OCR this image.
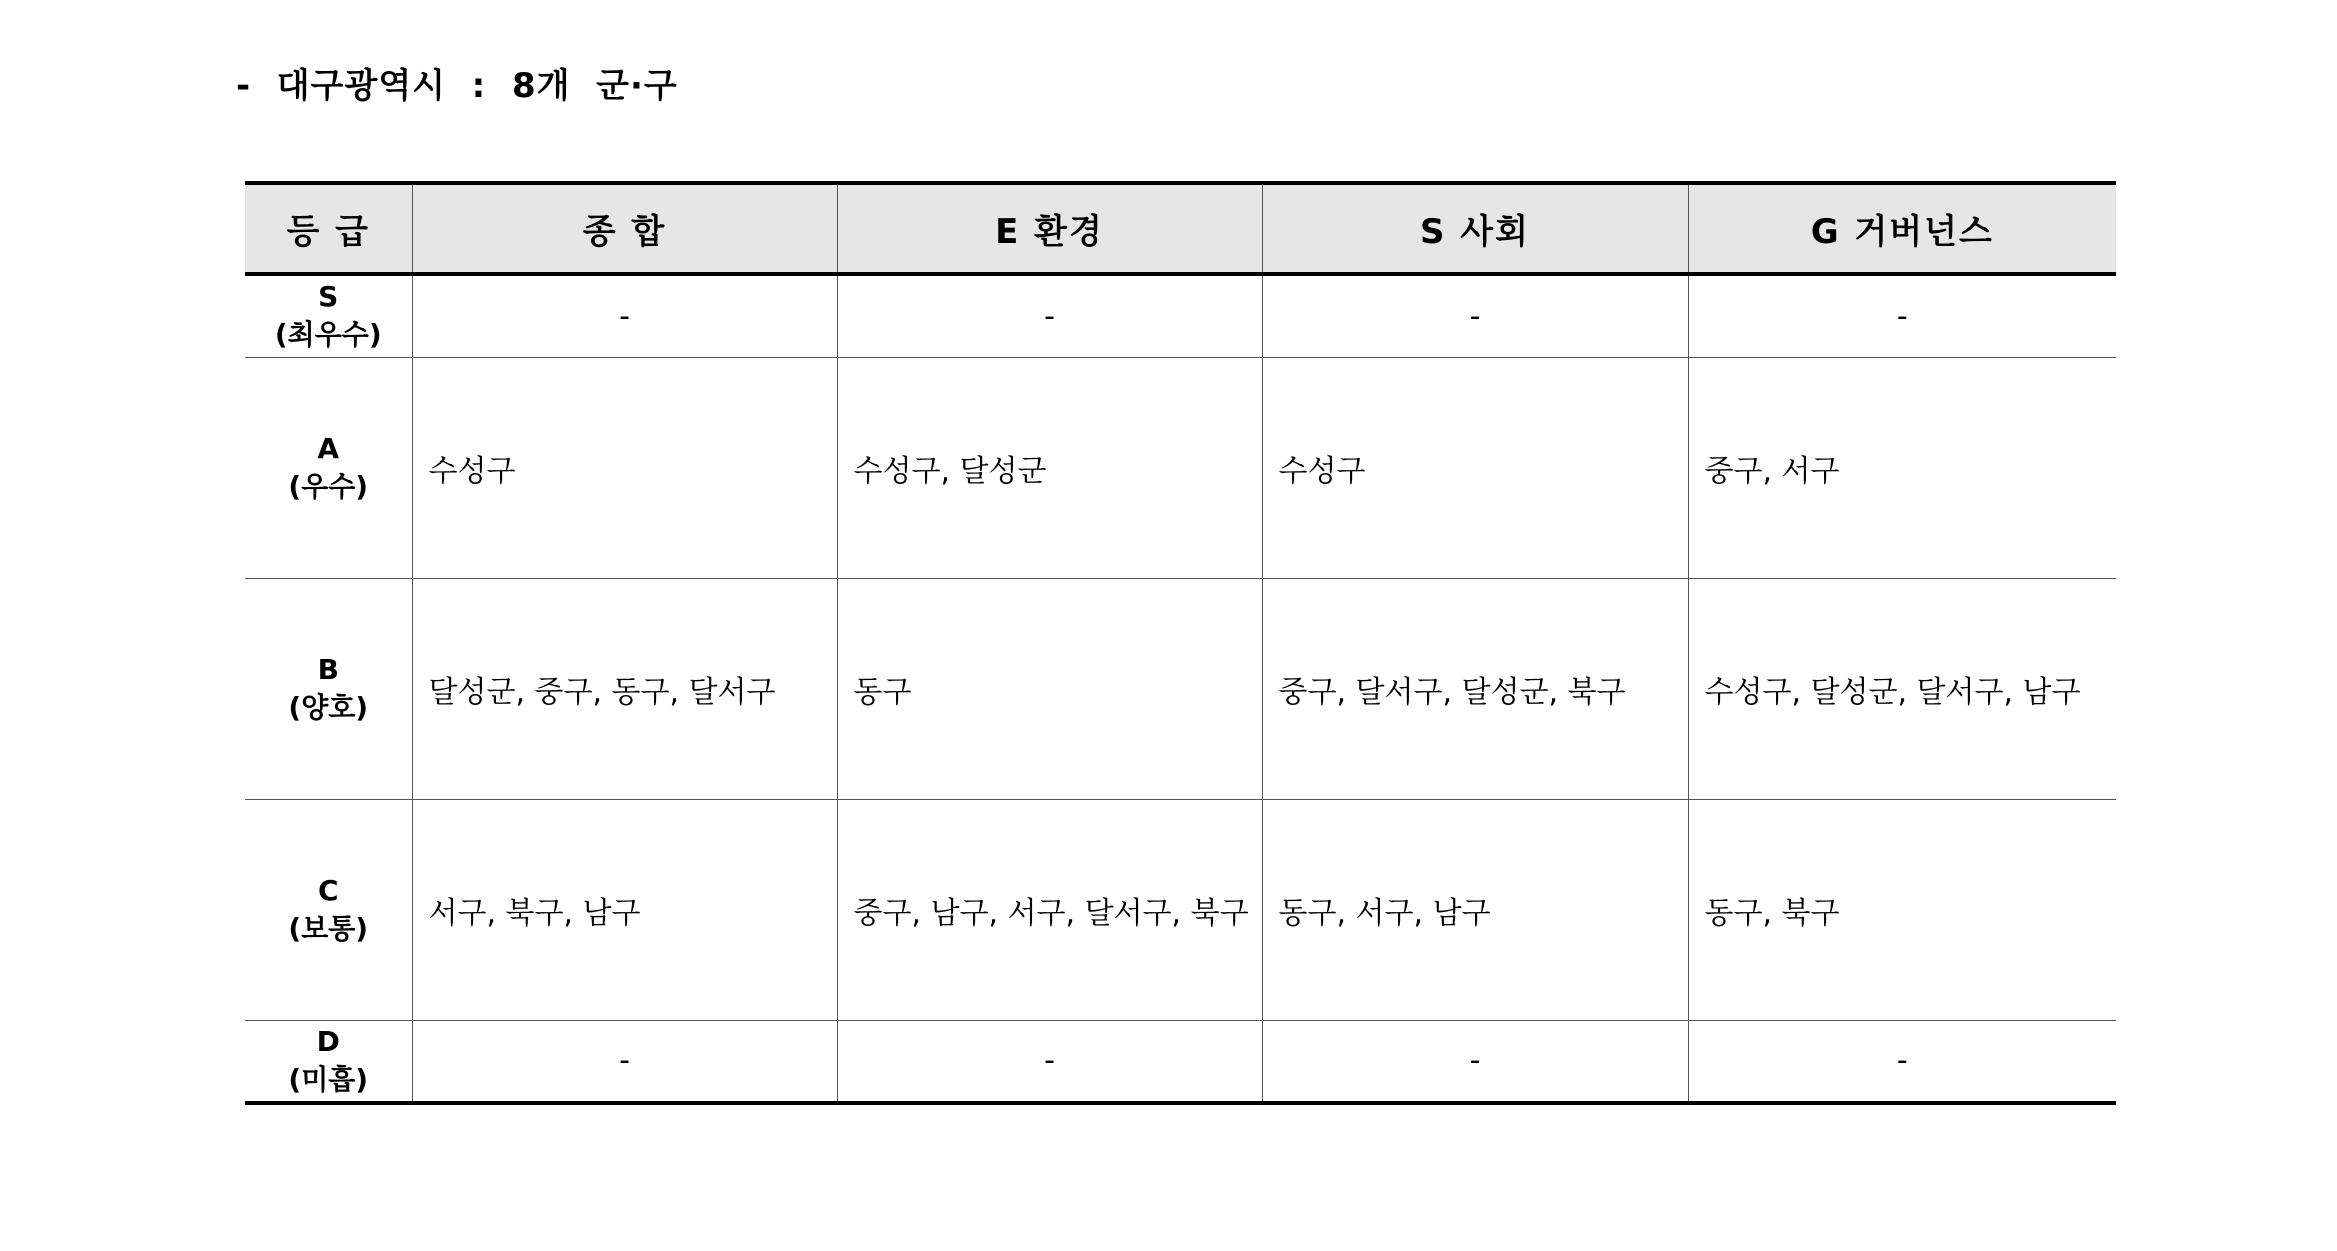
-  대구광역시  :  8개  군·구
등 급	종 합	E 환경	S 사회	G 거버넌스

S
(최우수)	-	-	-	-

A
(우수)	수성구	수성구, 달성군	수성구	중구, 서구

B
(양호)	달성군, 중구, 동구, 달서구	동구	중구, 달서구, 달성군, 북구	수성구, 달성군, 달서구, 남구

C
(보통)	서구, 북구, 남구	중구, 남구, 서구, 달서구, 북구	동구, 서구, 남구	동구, 북구

D
(미흡)	-	-	-	-
